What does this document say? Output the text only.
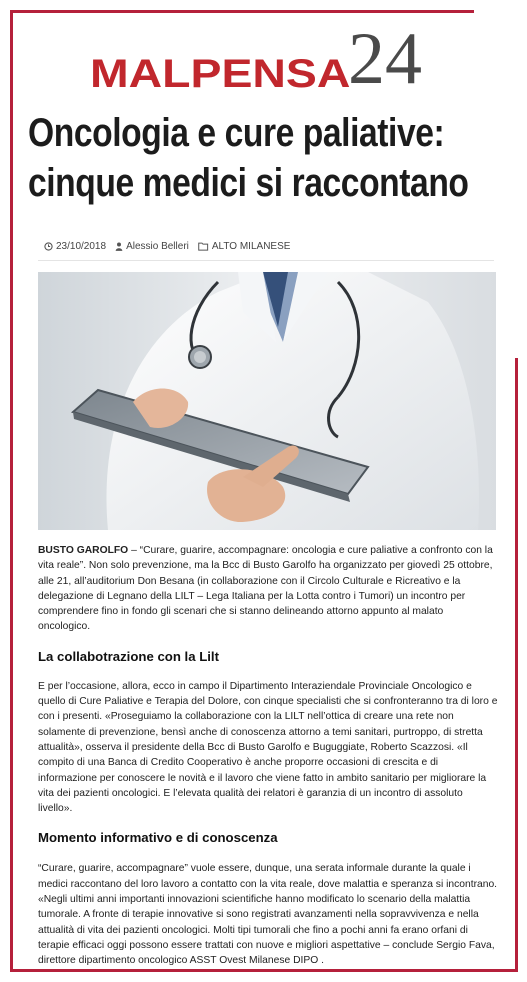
MALPENSA
24
Oncologia e cure paliative:
cinque medici si raccontano
23/10/2018 Alessio Belleri ALTO MILANESE

BUSTO GAROLFO – “Curare, guarire, accompagnare: oncologia e cure paliative a confronto con la vita reale”. Non solo prevenzione, ma la Bcc di Busto Garolfo ha organizzato per giovedì 25 ottobre, alle 21, all’auditorium Don Besana (in collaborazione con il Circolo Culturale e Ricreativo e la delegazione di Legnano della LILT – Lega Italiana per la Lotta contro i Tumori) un incontro per comprendere fino in fondo gli scenari che si stanno delineando attorno appunto al malato oncologico.

La collabotrazione con la Lilt

E per l’occasione, allora, ecco in campo il Dipartimento Interaziendale Provinciale Oncologico e quello di Cure Paliative e Terapia del Dolore, con cinque specialisti che si confronteranno tra di loro e con i presenti. «Proseguiamo la collaborazione con la LILT nell’ottica di creare una rete non solamente di prevenzione, bensì anche di conoscenza attorno a temi sanitari, purtroppo, di stretta attualità», osserva il presidente della Bcc di Busto Garolfo e Buguggiate, Roberto Scazzosi. «Il compito di una Banca di Credito Cooperativo è anche proporre occasioni di crescita e di informazione per conoscere le novità e il lavoro che viene fatto in ambito sanitario per migliorare la vita dei pazienti oncologici. E l’elevata qualità dei relatori è garanzia di un incontro di assoluto livello».

Momento informativo e di conoscenza

“Curare, guarire, accompagnare” vuole essere, dunque, una serata informale durante la quale i medici raccontano del loro lavoro a contatto con la vita reale, dove malattia e speranza si incontrano. «Negli ultimi anni importanti innovazioni scientifiche hanno modificato lo scenario della malattia tumorale. A fronte di terapie innovative si sono registrati avanzamenti nella sopravvivenza e nella attualità di vita dei pazienti oncologici. Molti tipi tumorali che fino a pochi anni fa erano orfani di terapie efficaci oggi possono essere trattati con nuove e migliori aspettative – conclude Sergio Fava, direttore dipartimento oncologico ASST Ovest Milanese DIPO .
